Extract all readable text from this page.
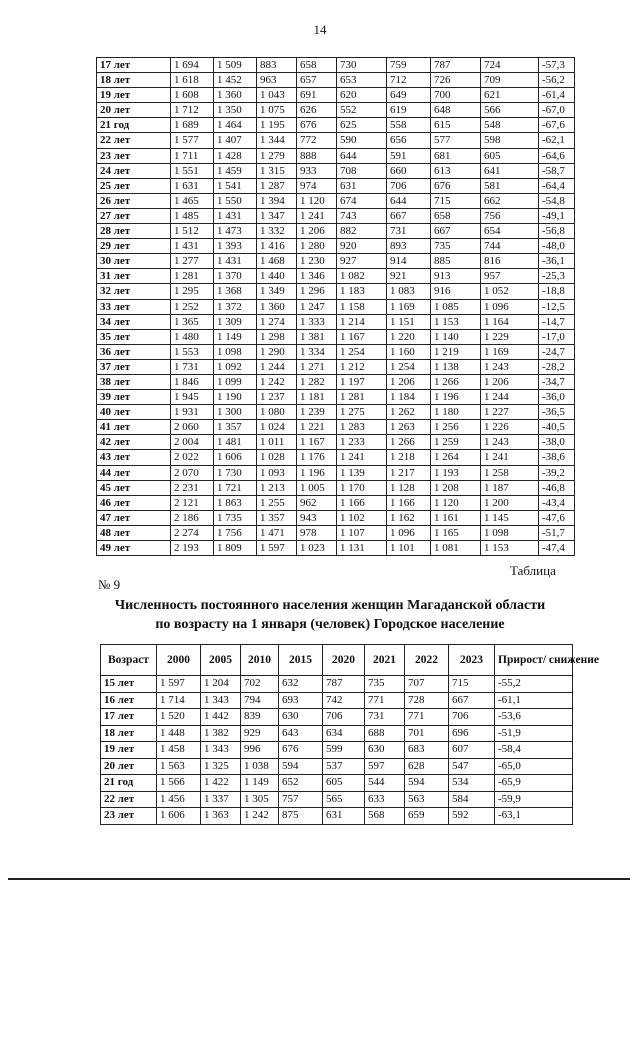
14
17 лет	1 694	1 509	883	658	730	759	787	724	-57,3
18 лет	1 618	1 452	963	657	653	712	726	709	-56,2
19 лет	1 608	1 360	1 043	691	620	649	700	621	-61,4
20 лет	1 712	1 350	1 075	626	552	619	648	566	-67,0
21 год	1 689	1 464	1 195	676	625	558	615	548	-67,6
22 лет	1 577	1 407	1 344	772	590	656	577	598	-62,1
23 лет	1 711	1 428	1 279	888	644	591	681	605	-64,6
24 лет	1 551	1 459	1 315	933	708	660	613	641	-58,7
25 лет	1 631	1 541	1 287	974	631	706	676	581	-64,4
26 лет	1 465	1 550	1 394	1 120	674	644	715	662	-54,8
27 лет	1 485	1 431	1 347	1 241	743	667	658	756	-49,1
28 лет	1 512	1 473	1 332	1 206	882	731	667	654	-56,8
29 лет	1 431	1 393	1 416	1 280	920	893	735	744	-48,0
30 лет	1 277	1 431	1 468	1 230	927	914	885	816	-36,1
31 лет	1 281	1 370	1 440	1 346	1 082	921	913	957	-25,3
32 лет	1 295	1 368	1 349	1 296	1 183	1 083	916	1 052	-18,8
33 лет	1 252	1 372	1 360	1 247	1 158	1 169	1 085	1 096	-12,5
34 лет	1 365	1 309	1 274	1 333	1 214	1 151	1 153	1 164	-14,7
35 лет	1 480	1 149	1 298	1 381	1 167	1 220	1 140	1 229	-17,0
36 лет	1 553	1 098	1 290	1 334	1 254	1 160	1 219	1 169	-24,7
37 лет	1 731	1 092	1 244	1 271	1 212	1 254	1 138	1 243	-28,2
38 лет	1 846	1 099	1 242	1 282	1 197	1 206	1 266	1 206	-34,7
39 лет	1 945	1 190	1 237	1 181	1 281	1 184	1 196	1 244	-36,0
40 лет	1 931	1 300	1 080	1 239	1 275	1 262	1 180	1 227	-36,5
41 лет	2 060	1 357	1 024	1 221	1 283	1 263	1 256	1 226	-40,5
42 лет	2 004	1 481	1 011	1 167	1 233	1 266	1 259	1 243	-38,0
43 лет	2 022	1 606	1 028	1 176	1 241	1 218	1 264	1 241	-38,6
44 лет	2 070	1 730	1 093	1 196	1 139	1 217	1 193	1 258	-39,2
45 лет	2 231	1 721	1 213	1 005	1 170	1 128	1 208	1 187	-46,8
46 лет	2 121	1 863	1 255	962	1 166	1 166	1 120	1 200	-43,4
47 лет	2 186	1 735	1 357	943	1 102	1 162	1 161	1 145	-47,6
48 лет	2 274	1 756	1 471	978	1 107	1 096	1 165	1 098	-51,7
49 лет	2 193	1 809	1 597	1 023	1 131	1 101	1 081	1 153	-47,4
Таблица
№ 9
Численность постоянного населения женщин Магаданской области
по возрасту на 1 января (человек) Городское население
Возраст	2000	2005	2010	2015	2020	2021	2022	2023	Прирост/ снижение
15 лет	1 597	1 204	702	632	787	735	707	715	-55,2
16 лет	1 714	1 343	794	693	742	771	728	667	-61,1
17 лет	1 520	1 442	839	630	706	731	771	706	-53,6
18 лет	1 448	1 382	929	643	634	688	701	696	-51,9
19 лет	1 458	1 343	996	676	599	630	683	607	-58,4
20 лет	1 563	1 325	1 038	594	537	597	628	547	-65,0
21 год	1 566	1 422	1 149	652	605	544	594	534	-65,9
22 лет	1 456	1 337	1 305	757	565	633	563	584	-59,9
23 лет	1 606	1 363	1 242	875	631	568	659	592	-63,1
